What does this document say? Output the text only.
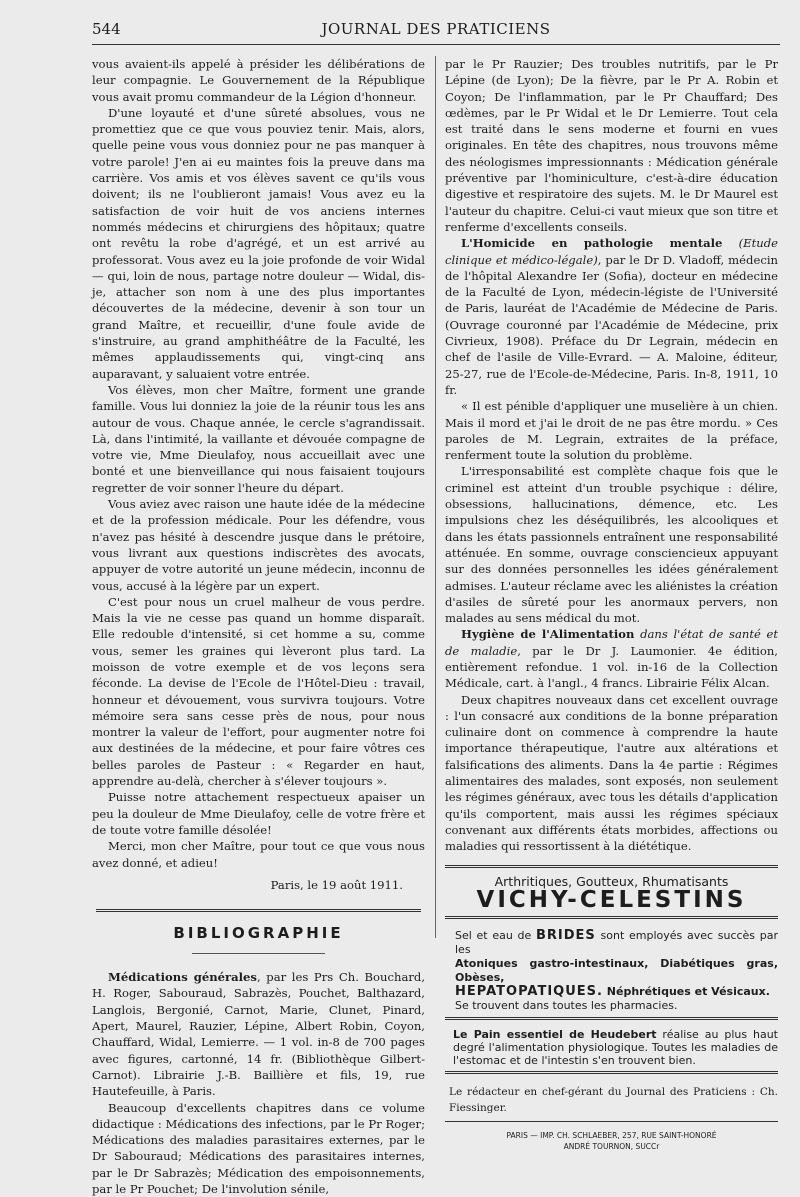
544	JOURNAL DES PRATICIENS

vous avaient-ils appelé à présider les délibérations de leur compagnie. Le Gouvernement de la République vous avait promu commandeur de la Légion d'honneur.

D'une loyauté et d'une sûreté absolues, vous ne promettiez que ce que vous pouviez tenir. Mais, alors, quelle peine vous vous donniez pour ne pas manquer à votre parole! J'en ai eu maintes fois la preuve dans ma carrière. Vos amis et vos élèves savent ce qu'ils vous doivent; ils ne l'oublieront jamais! Vous avez eu la satisfaction de voir huit de vos anciens internes nommés médecins et chirurgiens des hôpitaux; quatre ont revêtu la robe d'agrégé, et un est arrivé au professorat. Vous avez eu la joie profonde de voir Widal — qui, loin de nous, partage notre douleur — Widal, dis-je, attacher son nom à une des plus importantes découvertes de la médecine, devenir à son tour un grand Maître, et recueillir, d'une foule avide de s'instruire, au grand amphithéâtre de la Faculté, les mêmes applaudissements qui, vingt-cinq ans auparavant, y saluaient votre entrée.

Vos élèves, mon cher Maître, forment une grande famille. Vous lui donniez la joie de la réunir tous les ans autour de vous. Chaque année, le cercle s'agrandissait. Là, dans l'intimité, la vaillante et dévouée compagne de votre vie, Mme Dieulafoy, nous accueillait avec une bonté et une bienveillance qui nous faisaient toujours regretter de voir sonner l'heure du départ.

Vous aviez avec raison une haute idée de la médecine et de la profession médicale. Pour les défendre, vous n'avez pas hésité à descendre jusque dans le prétoire, vous livrant aux questions indiscrètes des avocats, appuyer de votre autorité un jeune médecin, inconnu de vous, accusé à la légère par un expert.

C'est pour nous un cruel malheur de vous perdre. Mais la vie ne cesse pas quand un homme disparaît. Elle redouble d'intensité, si cet homme a su, comme vous, semer les graines qui lèveront plus tard. La moisson de votre exemple et de vos leçons sera féconde. La devise de l'Ecole de l'Hôtel-Dieu : travail, honneur et dévouement, vous survivra toujours. Votre mémoire sera sans cesse près de nous, pour nous montrer la valeur de l'effort, pour augmenter notre foi aux destinées de la médecine, et pour faire vôtres ces belles paroles de Pasteur : « Regarder en haut, apprendre au-delà, chercher à s'élever toujours ».

Puisse notre attachement respectueux apaiser un peu la douleur de Mme Dieulafoy, celle de votre frère et de toute votre famille désolée!

Merci, mon cher Maître, pour tout ce que vous nous avez donné, et adieu!

Paris, le 19 août 1911.
BIBLIOGRAPHIE

Médications générales, par les Prs Ch. Bouchard, H. Roger, Sabouraud, Sabrazès, Pouchet, Balthazard, Langlois, Bergonié, Carnot, Marie, Clunet, Pinard, Apert, Maurel, Rauzier, Lépine, Albert Robin, Coyon, Chauffard, Widal, Lemierre. — 1 vol. in-8 de 700 pages avec figures, cartonné, 14 fr. (Bibliothèque Gilbert-Carnot). Librairie J.-B. Baillière et fils, 19, rue Hautefeuille, à Paris.

Beaucoup d'excellents chapitres dans ce volume didactique : Médications des infections, par le Pr Roger; Médications des maladies parasitaires externes, par le Dr Sabouraud; Médications des parasitaires internes, par le Dr Sabrazès; Médication des empoisonnements, par le Pr Pouchet; De l'involution sénile,

par le Pr Rauzier; Des troubles nutritifs, par le Pr Lépine (de Lyon); De la fièvre, par le Pr A. Robin et Coyon; De l'inflammation, par le Pr Chauffard; Des œdèmes, par le Pr Widal et le Dr Lemierre. Tout cela est traité dans le sens moderne et fourni en vues originales. En tête des chapitres, nous trouvons même des néologismes impressionnants : Médication générale préventive par l'hominiculture, c'est-à-dire éducation digestive et respiratoire des sujets. M. le Dr Maurel est l'auteur du chapitre. Celui-ci vaut mieux que son titre et renferme d'excellents conseils.

L'Homicide en pathologie mentale (Etude clinique et médico-légale), par le Dr D. Vladoff, médecin de l'hôpital Alexandre Ier (Sofia), docteur en médecine de la Faculté de Lyon, médecin-légiste de l'Université de Paris, lauréat de l'Académie de Médecine de Paris. (Ouvrage couronné par l'Académie de Médecine, prix Civrieux, 1908). Préface du Dr Legrain, médecin en chef de l'asile de Ville-Evrard. — A. Maloine, éditeur, 25-27, rue de l'Ecole-de-Médecine, Paris. In-8, 1911, 10 fr.

« Il est pénible d'appliquer une muselière à un chien. Mais il mord et j'ai le droit de ne pas être mordu. » Ces paroles de M. Legrain, extraites de la préface, renferment toute la solution du problème.

L'irresponsabilité est complète chaque fois que le criminel est atteint d'un trouble psychique : délire, obsessions, hallucinations, démence, etc. Les impulsions chez les déséquilibrés, les alcooliques et dans les états passionnels entraînent une responsabilité atténuée. En somme, ouvrage consciencieux appuyant sur des données personnelles les idées généralement admises. L'auteur réclame avec les aliénistes la création d'asiles de sûreté pour les anormaux pervers, non malades au sens médical du mot.

Hygiène de l'Alimentation dans l'état de santé et de maladie, par le Dr J. Laumonier. 4e édition, entièrement refondue. 1 vol. in-16 de la Collection Médicale, cart. à l'angl., 4 francs. Librairie Félix Alcan.

Deux chapitres nouveaux dans cet excellent ouvrage : l'un consacré aux conditions de la bonne préparation culinaire dont on commence à comprendre la haute importance thérapeutique, l'autre aux altérations et falsifications des aliments. Dans la 4e partie : Régimes alimentaires des malades, sont exposés, non seulement les régimes généraux, avec tous les détails d'application qu'ils comportent, mais aussi les régimes spéciaux convenant aux différents états morbides, affections ou maladies qui ressortissent à la diététique.

Arthritiques, Goutteux, Rhumatisants
VICHY-CELESTINS
Sel et eau de BRIDES sont employés avec succès par les
Atoniques gastro-intestinaux, Diabétiques gras, Obèses,
HEPATOPATIQUES. Néphrétiques et Vésicaux.
Se trouvent dans toutes les pharmacies.
Le Pain essentiel de Heudebert réalise au plus haut degré l'alimentation physiologique. Toutes les maladies de l'estomac et de l'intestin s'en trouvent bien.
Le rédacteur en chef-gérant du Journal des Praticiens : Ch. Fiessinger.
PARIS — IMP. CH. SCHLAEBER, 257, RUE SAINT-HONORÉ
ANDRÉ TOURNON, SUCCr
